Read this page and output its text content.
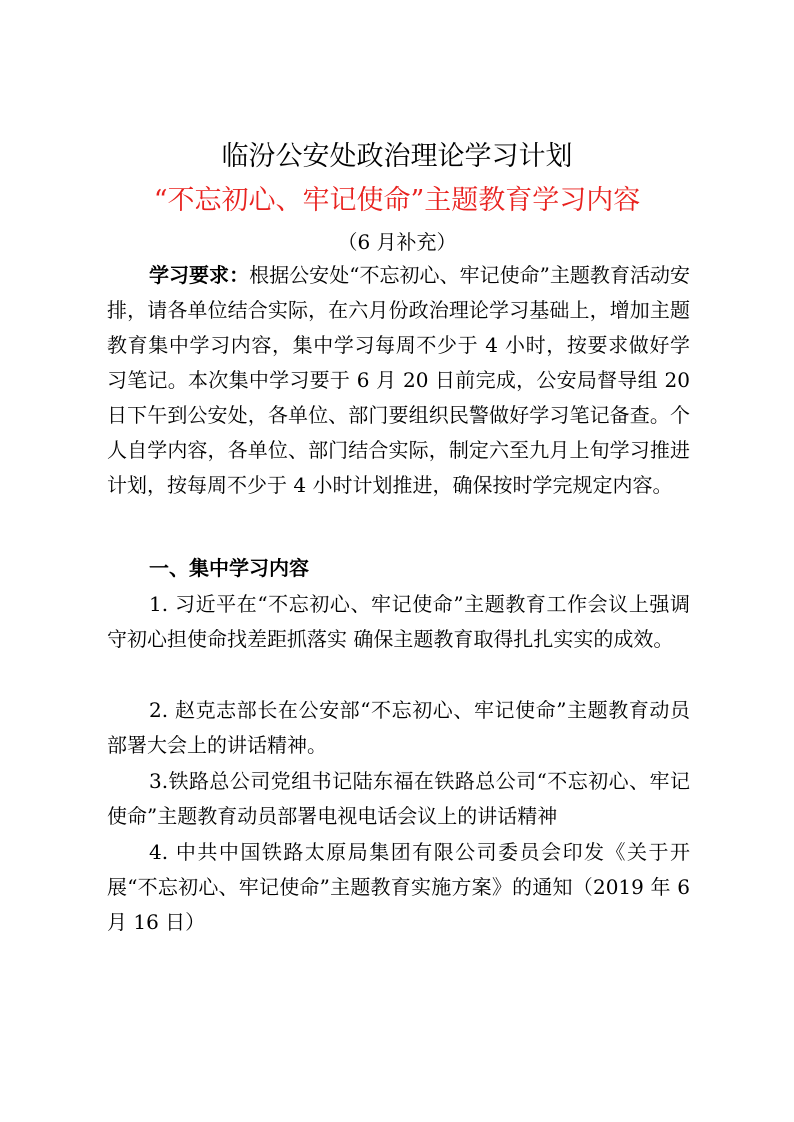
临汾公安处政治理论学习计划
“不忘初心、牢记使命”主题教育学习内容
（6 月补充）
学习要求：根据公安处“不忘初心、牢记使命”主题教育活动安排，请各单位结合实际，在六月份政治理论学习基础上，增加主题教育集中学习内容，集中学习每周不少于 4 小时，按要求做好学习笔记。本次集中学习要于 6 月 20 日前完成，公安局督导组 20 日下午到公安处，各单位、部门要组织民警做好学习笔记备查。个人自学内容，各单位、部门结合实际，制定六至九月上旬学习推进计划，按每周不少于 4 小时计划推进，确保按时学完规定内容。
一、集中学习内容
1. 习近平在“不忘初心、牢记使命”主题教育工作会议上强调 守初心担使命找差距抓落实 确保主题教育取得扎扎实实的成效。
2. 赵克志部长在公安部“不忘初心、牢记使命”主题教育动员部署大会上的讲话精神。
3.铁路总公司党组书记陆东福在铁路总公司“不忘初心、牢记使命”主题教育动员部署电视电话会议上的讲话精神
4. 中共中国铁路太原局集团有限公司委员会印发《关于开展“不忘初心、牢记使命”主题教育实施方案》的通知（2019 年 6 月 16 日）
